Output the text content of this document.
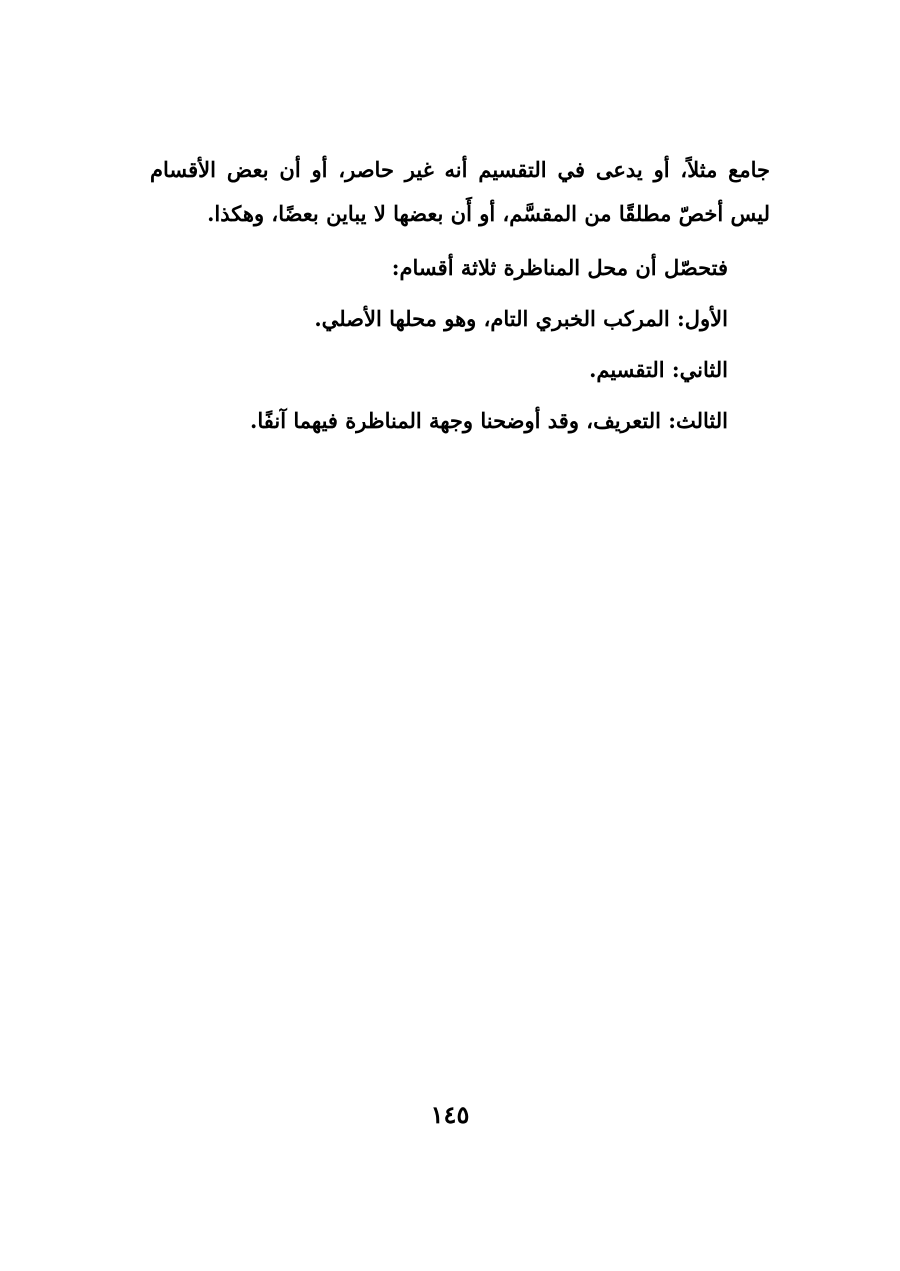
جامع مثلاً، أو يدعى في التقسيم أنه غير حاصر، أو أن بعض الأقسام ليس أخصّ مطلقًا من المقسَّم، أو أَن بعضها لا يباين بعضًا، وهكذا.

فتحصّل أن محل المناظرة ثلاثة أقسام:

الأول: المركب الخبري التام، وهو محلها الأصلي.

الثاني: التقسيم.

الثالث: التعريف، وقد أوضحنا وجهة المناظرة فيهما آنفًا.

١٤٥
